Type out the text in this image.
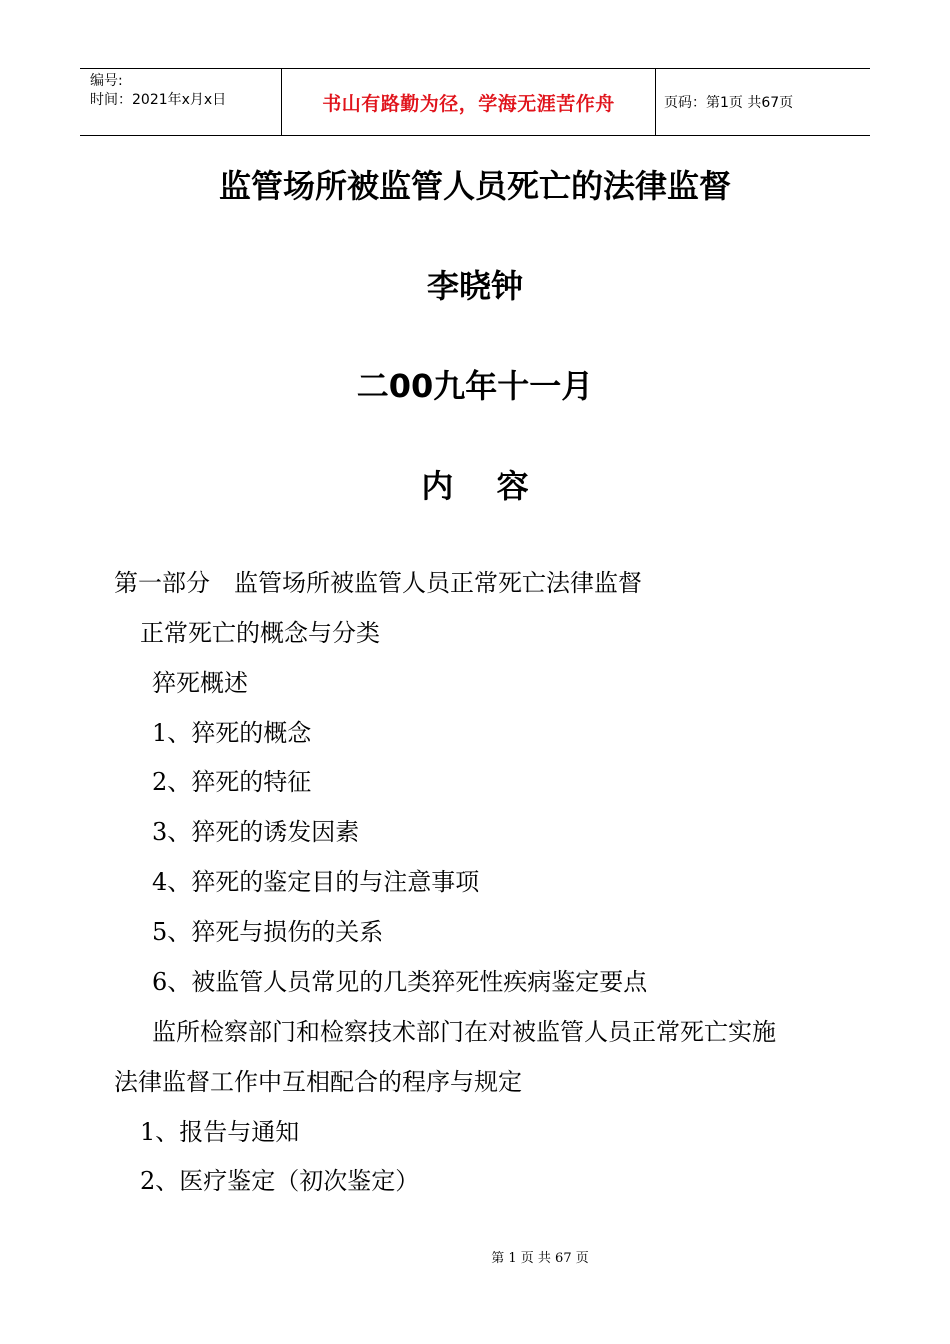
编号:
时间：2021年x月x日	书山有路勤为径，学海无涯苦作舟	页码：第1页 共67页
监管场所被监管人员死亡的法律监督
李晓钟
二00九年十一月
内 容
第一部分　监管场所被监管人员正常死亡法律监督
正常死亡的概念与分类
猝死概述
1、猝死的概念
2、猝死的特征
3、猝死的诱发因素
4、猝死的鉴定目的与注意事项
5、猝死与损伤的关系
6、被监管人员常见的几类猝死性疾病鉴定要点
监所检察部门和检察技术部门在对被监管人员正常死亡实施
法律监督工作中互相配合的程序与规定
1、报告与通知
2、医疗鉴定（初次鉴定）
第 1 页 共 67 页
